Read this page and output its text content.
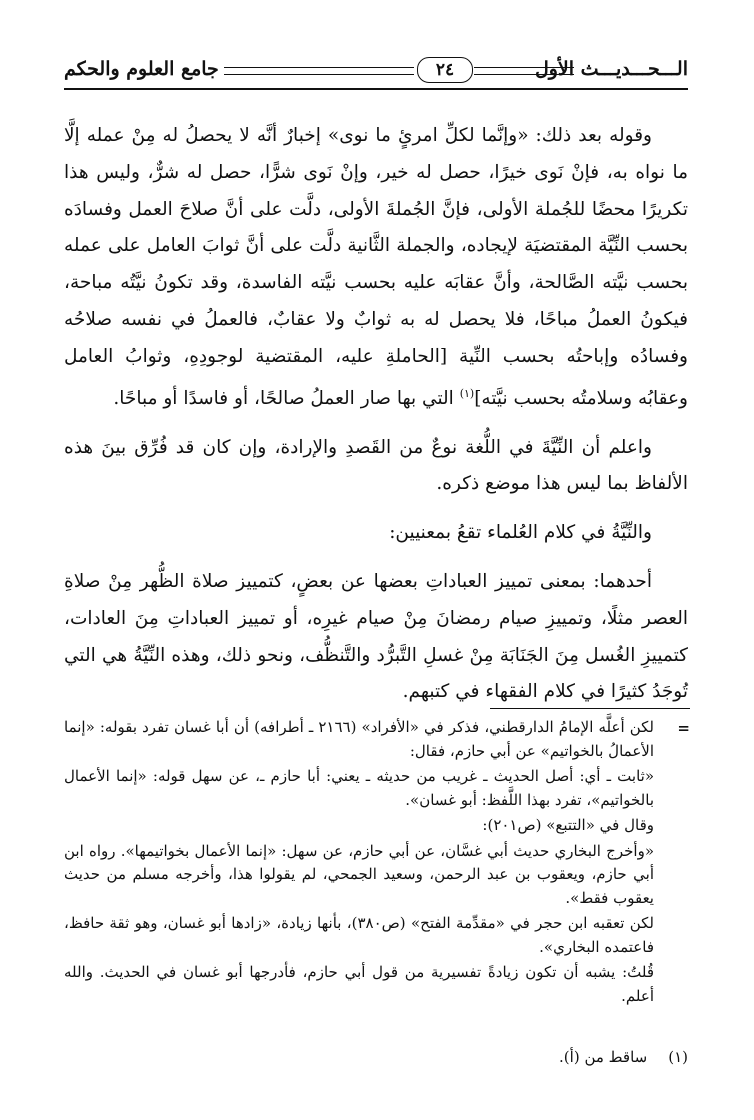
الـــحـــديـــث الأول
٢٤
جامع العلوم والحكم

وقوله بعد ذلك: «وإنَّما لكلِّ امرئٍ ما نوى» إخبارٌ أنَّه لا يحصلُ له مِنْ عمله إلَّا ما نواه به، فإنْ نَوى خيرًا، حصل له خير، وإنْ نَوى شرًّا، حصل له شرٌّ، وليس هذا تكريرًا محضًا للجُملة الأولى، فإنَّ الجُملةَ الأولى، دلَّت على أنَّ صلاحَ العمل وفسادَه بحسب النِّيَّة المقتضيَة لإيجاده، والجملة الثَّانية دلَّت على أنَّ ثوابَ العامل على عمله بحسب نيَّته الصَّالحة، وأنَّ عقابَه عليه بحسب نيَّته الفاسدة، وقد تكونُ نيَّتُه مباحة، فيكونُ العملُ مباحًا، فلا يحصل له به ثوابٌ ولا عقابٌ، فالعملُ في نفسه صلاحُه وفسادُه وإباحتُه بحسب النِّية [الحاملةِ عليه، المقتضية لوجودِهِ، وثوابُ العامل وعقابُه وسلامتُه بحسب نيَّته]$^{(١)}$ التي بها صار العملُ صالحًا، أو فاسدًا أو مباحًا.

واعلم أن النِّيَّةَ في اللُّغة نوعٌ من القَصدِ والإرادة، وإن كان قد فُرِّق بينَ هذه الألفاظ بما ليس هذا موضع ذكره.

والنِّيَّةُ في كلام العُلماء تقعُ بمعنيين:

أحدهما: بمعنى تمييز العباداتِ بعضها عن بعضٍ، كتمييز صلاة الظُّهر مِنْ صلاةِ العصر مثلًا، وتمييزِ صيام رمضانَ مِنْ صيام غيرِه، أو تمييز العباداتِ مِنَ العادات، كتمييزِ الغُسل مِنَ الجَنَابَة مِنْ غسلِ التَّبرُّد والتَّنظُّف، ونحو ذلك، وهذه النِّيَّةُ هي التي تُوجَدُ كثيرًا في كلام الفقهاء في كتبهم.

=

لكن أعلَّه الإمامُ الدارقطني، فذكر في «الأفراد» (٢١٦٦ ـ أطرافه) أن أبا غسان تفرد بقوله: «إنما الأعمالُ بالخواتيم» عن أبي حازم، فقال:

«ثابت ـ أي: أصل الحديث ـ غريب من حديثه ـ يعني: أبا حازم ـ، عن سهل قوله: «إنما الأعمال بالخواتيم»، تفرد بهذا اللَّفظ: أبو غسان».

وقال في «التتبع» (ص٢٠١):

«وأخرج البخاري حديث أبي غسَّان، عن أبي حازم، عن سهل: «إنما الأعمال بخواتيمها». رواه ابن أبي حازم، ويعقوب بن عبد الرحمن، وسعيد الجمحي، لم يقولوا هذا، وأخرجه مسلم من حديث يعقوب فقط».

لكن تعقبه ابن حجر في «مقدِّمة الفتح» (ص٣٨٠)، بأنها زيادة، «زادها أبو غسان، وهو ثقة حافظ، فاعتمده البخاري».

قُلتُ: يشبه أن تكون زيادةً تفسيرية من قول أبي حازم، فأدرجها أبو غسان في الحديث. والله أعلم.

(١) ساقط من (أ).
